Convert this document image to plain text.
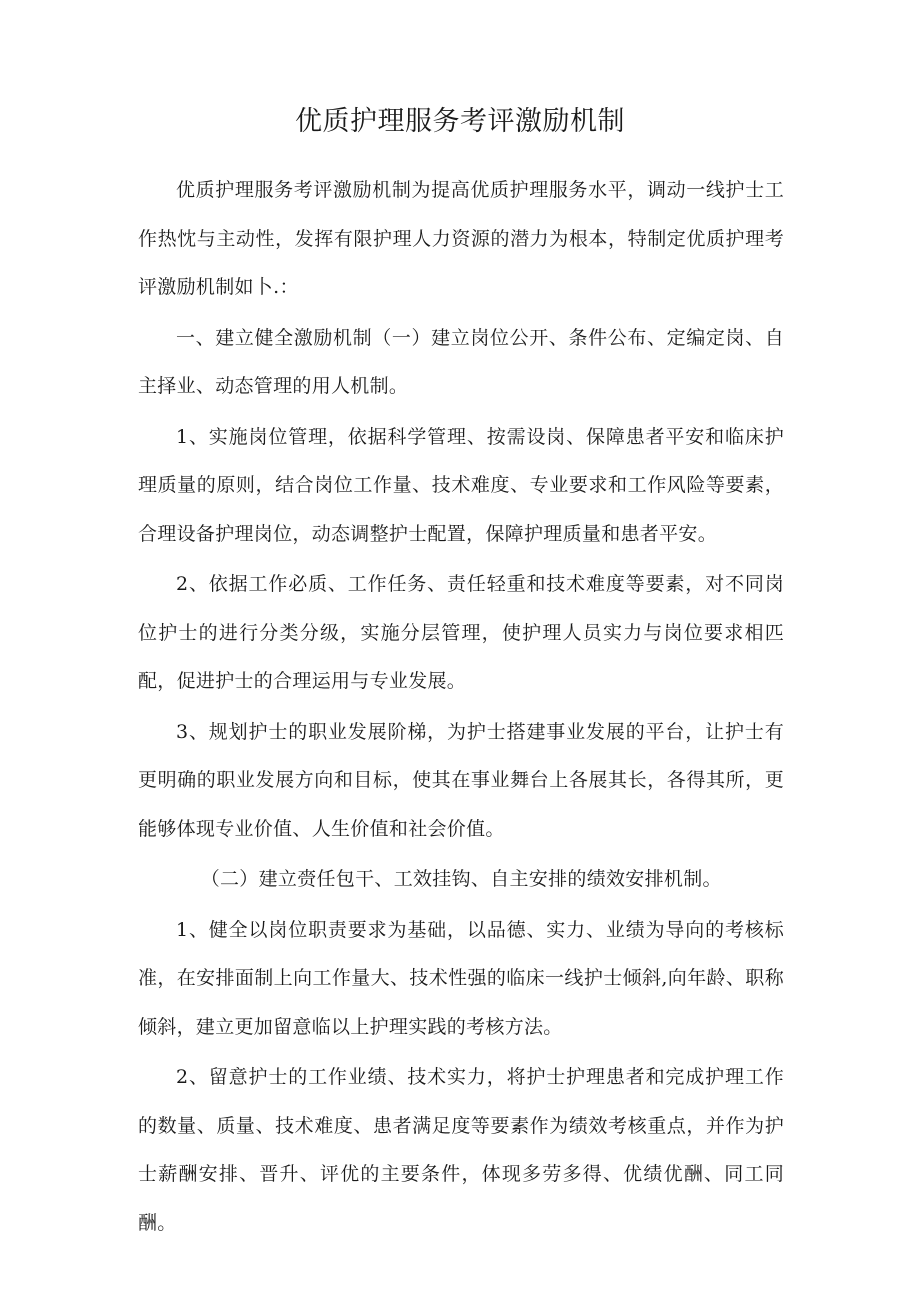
优质护理服务考评激励机制

优质护理服务考评激励机制为提高优质护理服务水平，调动一线护士工作热忱与主动性，发挥有限护理人力资源的潜力为根本，特制定优质护理考评激励机制如卜.：

一、建立健全激励机制（一）建立岗位公开、条件公布、定编定岗、自主择业、动态管理的用人机制。

1、实施岗位管理，依据科学管理、按需设岗、保障患者平安和临床护理质量的原则，结合岗位工作量、技术难度、专业要求和工作风险等要素，合理设备护理岗位，动态调整护士配置，保障护理质量和患者平安。

2、依据工作必质、工作任务、责任轻重和技术难度等要素，对不同岗位护士的进行分类分级，实施分层管理，使护理人员实力与岗位要求相匹配，促进护士的合理运用与专业发展。

3、规划护士的职业发展阶梯，为护士搭建事业发展的平台，让护士有更明确的职业发展方向和目标，使其在事业舞台上各展其长，各得其所，更能够体现专业价值、人生价值和社会价值。

（二）建立赍任包干、工效挂钩、自主安排的绩效安排机制。

1、健全以岗位职责要求为基础，以品德、实力、业绩为导向的考核标准，在安排面制上向工作量大、技术性强的临床一线护士倾斜,向年龄、职称倾斜，建立更加留意临以上护理实践的考核方法。

2、留意护士的工作业绩、技术实力，将护士护理患者和完成护理工作的数量、质量、技术难度、患者满足度等要素作为绩效考核重点，并作为护士薪酬安排、晋升、评优的主要条件，体现多劳多得、优绩优酬、同工同酬。
